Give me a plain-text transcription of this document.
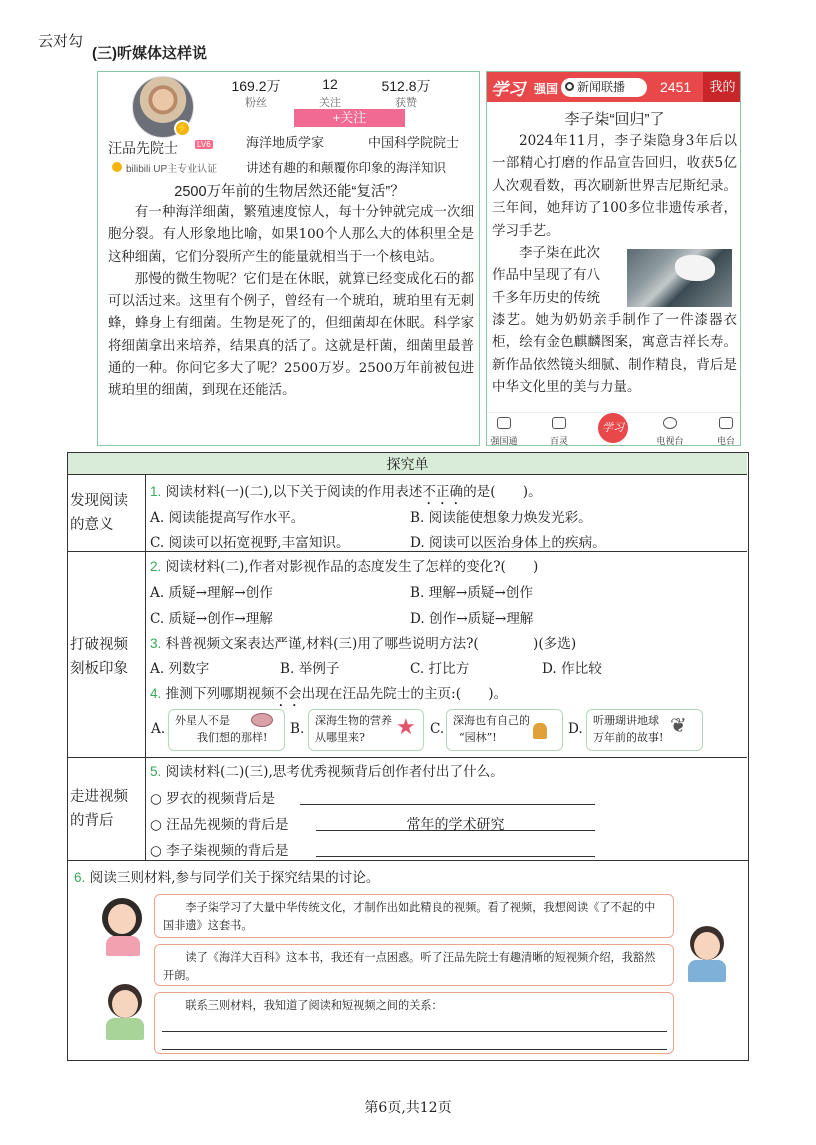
云对勾
(三)听媒体这样说
⚡
汪品先院士 LV6
bilibili UP主专业认证
169.2万
粉丝
12
关注
512.8万
获赞
+关注
海洋地质学家	中国科学院院士
讲述有趣的和颠覆你印象的海洋知识
2500万年前的生物居然还能“复活”？

有一种海洋细菌，繁殖速度惊人，每十分钟就完成一次细胞分裂。有人形象地比喻，如果100个人那么大的体积里全是这种细菌，它们分裂所产生的能量就相当于一个核电站。

那慢的微生物呢？它们是在休眠，就算已经变成化石的都可以活过来。这里有个例子，曾经有一个琥珀，琥珀里有无刺蜂，蜂身上有细菌。生物是死了的，但细菌却在休眠。科学家将细菌拿出来培养，结果真的活了。这就是杆菌，细菌里最普通的一种。你问它多大了呢？2500万岁。2500万年前被包进琥珀里的细菌，到现在还能活。

学习 强国	新闻联播	2451	我的
李子柒“回归”了
2024年11月，李子柒隐身3年后以一部精心打磨的作品宣告回归，收获5亿人次观看数，再次刷新世界吉尼斯纪录。三年间，她拜访了100多位非遗传承者，学习手艺。
李子柒在此次
作品中呈现了有八
千多年历史的传统
漆艺。她为奶奶亲手制作了一件漆器衣柜，绘有金色麒麟图案，寓意吉祥长寿。新作品依然镜头细腻、制作精良，背后是中华文化里的美与力量。
强国通	百灵
学习
电视台	电台
探究单
发现阅读的意义
1. 阅读材料(一)(二),以下关于阅读的作用表述不正确的是(　　)。
A. 阅读能提高写作水平。	B. 阅读能使想象力焕发光彩。
C. 阅读可以拓宽视野,丰富知识。	D. 阅读可以医治身体上的疾病。
打破视频刻板印象
2. 阅读材料(二),作者对影视作品的态度发生了怎样的变化?(　　)
A. 质疑→理解→创作	B. 理解→质疑→创作
C. 质疑→创作→理解	D. 创作→质疑→理解
3. 科普视频文案表达严谨,材料(三)用了哪些说明方法?(　　　　)(多选)
A. 列数字	B. 举例子	C. 打比方	D. 作比较
4. 推测下列哪期视频不会出现在汪品先院士的主页:(　　)。
A.
外星人不是
我们想的那样!
B.
深海生物的营养
从哪里来?	★ C.
深海也有自己的
“园林”!
D.
听珊瑚讲地球
万年前的故事!
❦
走进视频的背后
5. 阅读材料(二)(三),思考优秀视频背后创作者付出了什么。
○ 罗衣的视频背后是
○ 汪品先视频的背后是	常年的学术研究
○ 李子柒视频的背后是
6. 阅读三则材料,参与同学们关于探究结果的讨论。
李子柒学习了大量中华传统文化，才制作出如此精良的视频。看了视频，我想阅读《了不起的中国非遗》这套书。
读了《海洋大百科》这本书，我还有一点困惑。听了汪品先院士有趣清晰的短视频介绍，我豁然开朗。
联系三则材料，我知道了阅读和短视频之间的关系：
第6页,共12页
